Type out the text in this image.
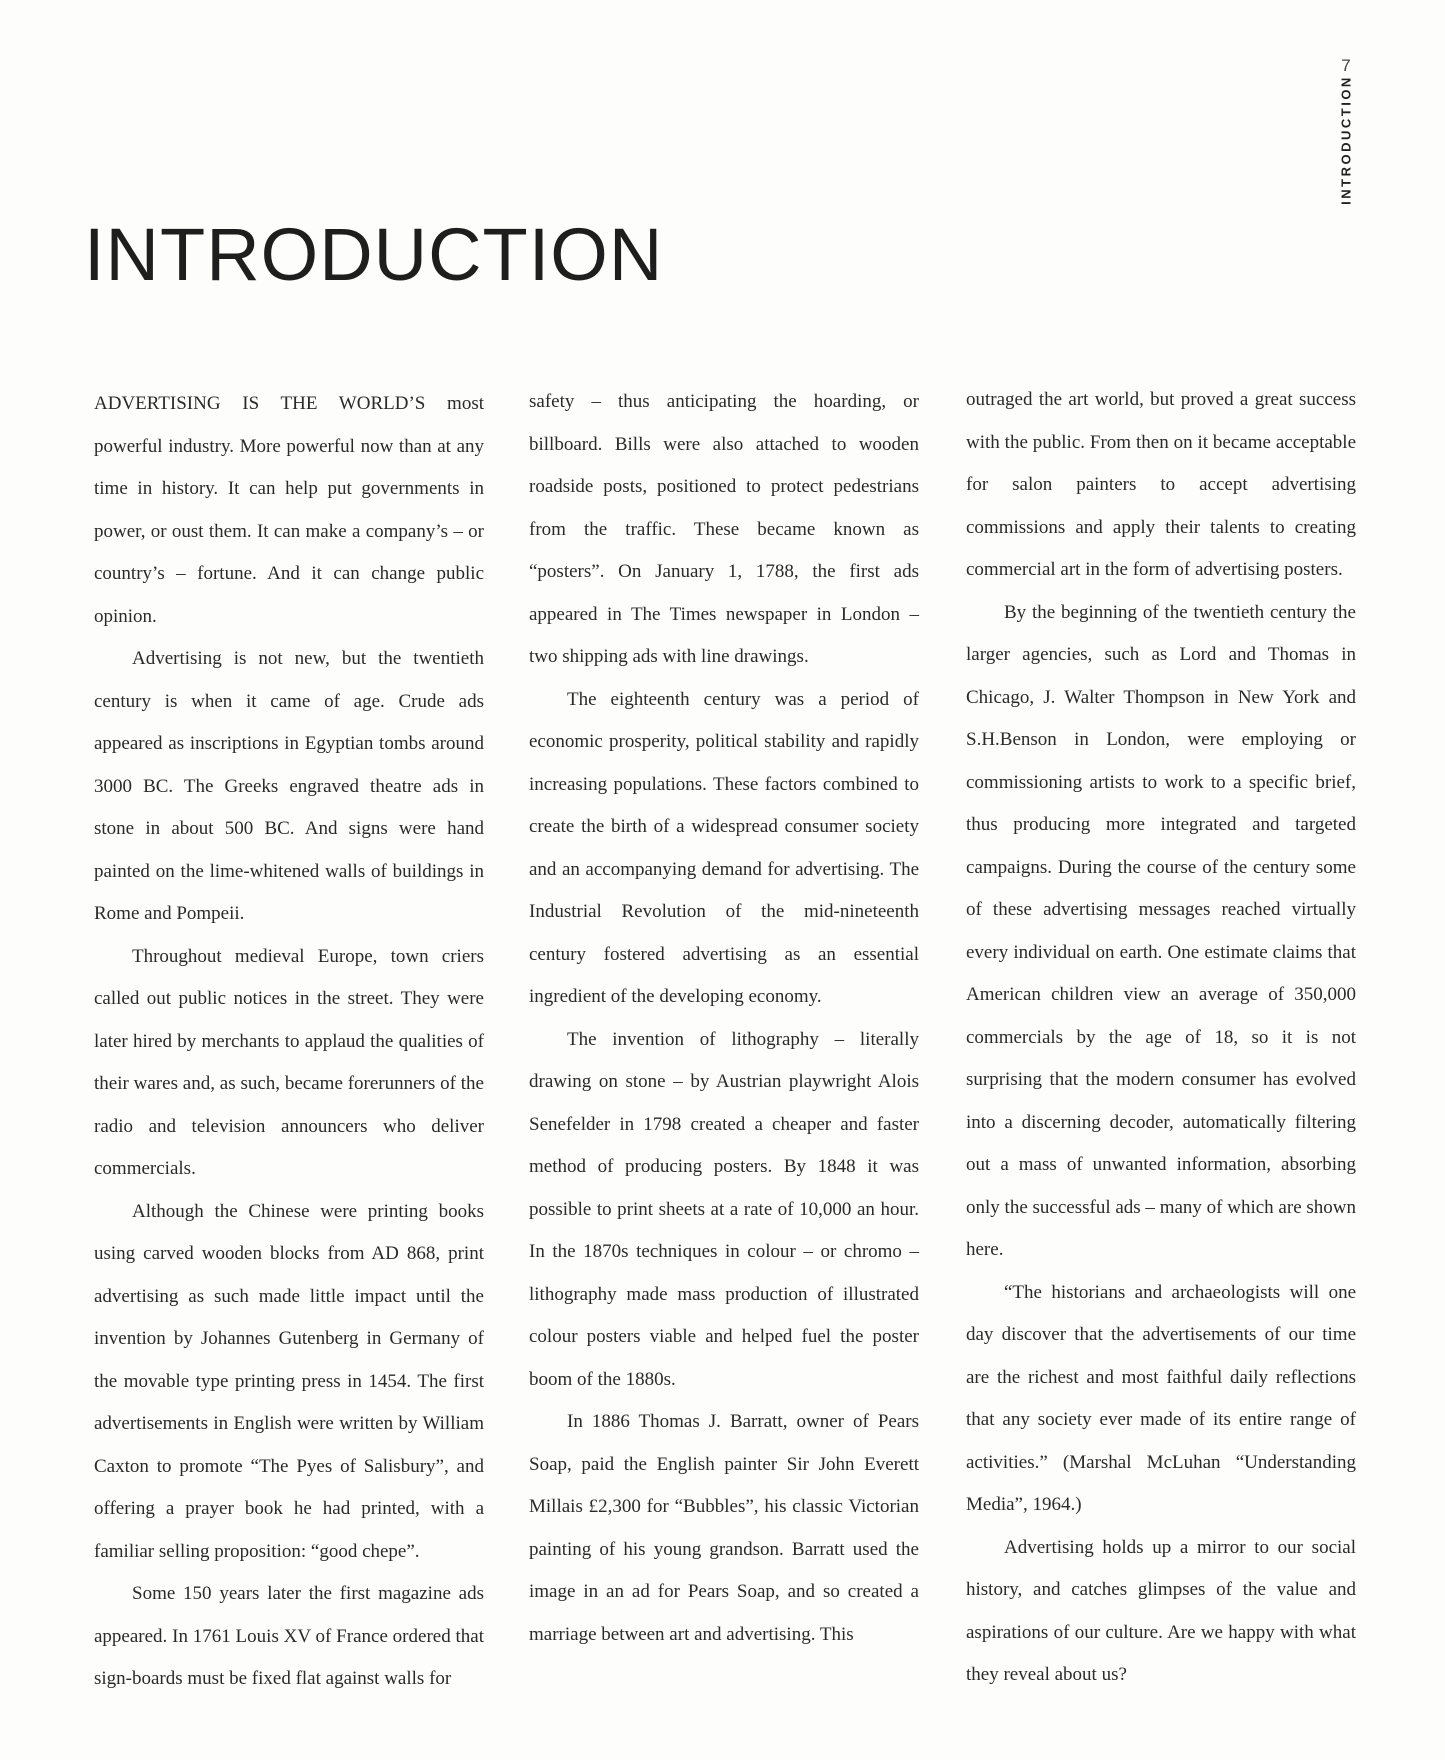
7
INTRODUCTION
INTRODUCTION

ADVERTISING IS THE WORLD’S most powerful industry. More powerful now than at any time in history. It can help put governments in power, or oust them. It can make a company’s – or country’s – fortune. And it can change public opinion.

Advertising is not new, but the twentieth century is when it came of age. Crude ads appeared as inscriptions in Egyptian tombs around 3000 BC. The Greeks engraved theatre ads in stone in about 500 BC. And signs were hand painted on the lime-whitened walls of buildings in Rome and Pompeii.

Throughout medieval Europe, town criers called out public notices in the street. They were later hired by merchants to applaud the qualities of their wares and, as such, became forerunners of the radio and television announcers who deliver commercials.

Although the Chinese were printing books using carved wooden blocks from AD 868, print advertising as such made little impact until the invention by Johannes Gutenberg in Germany of the movable type printing press in 1454. The first advertisements in English were written by William Caxton to promote “The Pyes of Salisbury”, and offering a prayer book he had printed, with a familiar selling proposition: “good chepe”.

Some 150 years later the first magazine ads appeared. In 1761 Louis XV of France ordered that sign-boards must be fixed flat against walls for

safety – thus anticipating the hoarding, or billboard. Bills were also attached to wooden roadside posts, positioned to protect pedestrians from the traffic. These became known as “posters”. On January 1, 1788, the first ads appeared in The Times newspaper in London – two shipping ads with line drawings.

The eighteenth century was a period of economic prosperity, political stability and rapidly increasing populations. These factors combined to create the birth of a widespread consumer society and an accompanying demand for advertising. The Industrial Revolution of the mid-nineteenth century fostered advertising as an essential ingredient of the developing economy.

The invention of lithography – literally drawing on stone – by Austrian playwright Alois Senefelder in 1798 created a cheaper and faster method of producing posters. By 1848 it was possible to print sheets at a rate of 10,000 an hour. In the 1870s techniques in colour – or chromo – lithography made mass production of illustrated colour posters viable and helped fuel the poster boom of the 1880s.

In 1886 Thomas J. Barratt, owner of Pears Soap, paid the English painter Sir John Everett Millais £2,300 for “Bubbles”, his classic Victorian painting of his young grandson. Barratt used the image in an ad for Pears Soap, and so created a marriage between art and advertising. This

outraged the art world, but proved a great success with the public. From then on it became acceptable for salon painters to accept advertising commissions and apply their talents to creating commercial art in the form of advertising posters.

By the beginning of the twentieth century the larger agencies, such as Lord and Thomas in Chicago, J. Walter Thompson in New York and S.H.Benson in London, were employing or commissioning artists to work to a specific brief, thus producing more integrated and targeted campaigns. During the course of the century some of these advertising messages reached virtually every individual on earth. One estimate claims that American children view an average of 350,000 commercials by the age of 18, so it is not surprising that the modern consumer has evolved into a discerning decoder, automatically filtering out a mass of unwanted information, absorbing only the successful ads – many of which are shown here.

“The historians and archaeologists will one day discover that the advertisements of our time are the richest and most faithful daily reflections that any society ever made of its entire range of activities.” (Marshal McLuhan “Understanding Media”, 1964.)

Advertising holds up a mirror to our social history, and catches glimpses of the value and aspirations of our culture. Are we happy with what they reveal about us?
